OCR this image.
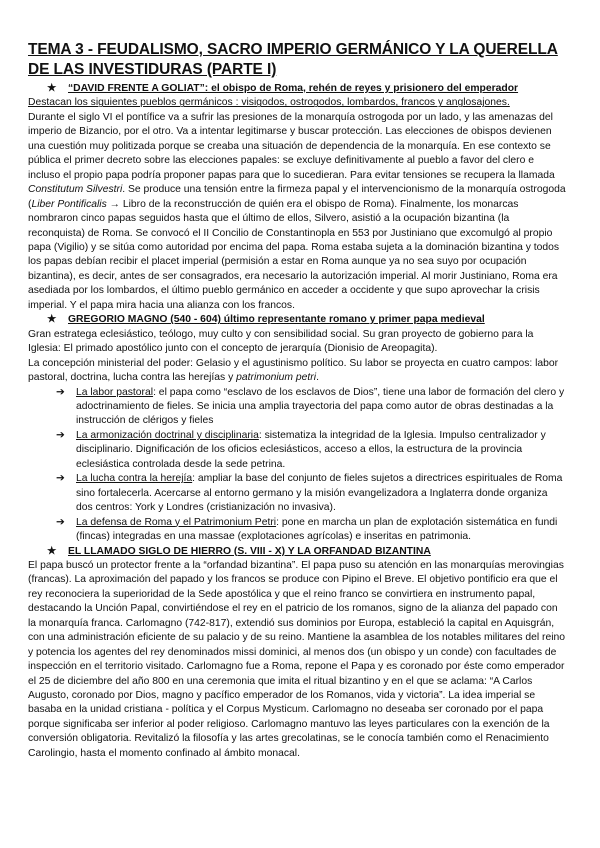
TEMA 3 - FEUDALISMO, SACRO IMPERIO GERMÁNICO Y LA QUERELLA DE LAS INVESTIDURAS (PARTE I)
★ “DAVID FRENTE A GOLIAT”: el obispo de Roma, rehén de reyes y prisionero del emperador

Destacan los siguientes pueblos germánicos : visigodos, ostrogodos, lombardos, francos y anglosajones.

Durante el siglo VI el pontífice va a sufrir las presiones de la monarquía ostrogoda por un lado, y las amenazas del imperio de Bizancio, por el otro. Va a intentar legitimarse y buscar protección. Las elecciones de obispos devienen una cuestión muy politizada porque se creaba una situación de dependencia de la monarquía. En ese contexto se pública el primer decreto sobre las elecciones papales: se excluye definitivamente al pueblo a favor del clero e incluso el propio papa podría proponer papas para que lo sucedieran. Para evitar tensiones se recupera la llamada Constitutum Silvestri. Se produce una tensión entre la firmeza papal y el intervencionismo de la monarquía ostrogoda (Liber Pontificalis → Libro de la reconstrucción de quién era el obispo de Roma). Finalmente, los monarcas nombraron cinco papas seguidos hasta que el último de ellos, Silvero, asistió a la ocupación bizantina (la reconquista) de Roma. Se convocó el II Concilio de Constantinopla en 553 por Justiniano que excomulgó al propio papa (Vigilio) y se sitúa como autoridad por encima del papa. Roma estaba sujeta a la dominación bizantina y todos los papas debían recibir el placet imperial (permisión a estar en Roma aunque ya no sea suyo por ocupación bizantina), es decir, antes de ser consagrados, era necesario la autorización imperial. Al morir Justiniano, Roma era asediada por los lombardos, el último pueblo germánico en acceder a occidente y que supo aprovechar la crisis imperial. Y el papa mira hacia una alianza con los francos.

★ GREGORIO MAGNO (540 - 604) último representante romano y primer papa medieval

Gran estratega eclesiástico, teólogo, muy culto y con sensibilidad social. Su gran proyecto de gobierno para la Iglesia: El primado apostólico junto con el concepto de jerarquía (Dionisio de Areopagita).

La concepción ministerial del poder: Gelasio y el agustinismo político. Su labor se proyecta en cuatro campos: labor pastoral, doctrina, lucha contra las herejías y patrimonium petri.

➔ La labor pastoral: el papa como “esclavo de los esclavos de Dios”, tiene una labor de formación del clero y adoctrinamiento de fieles. Se inicia una amplia trayectoria del papa como autor de obras destinadas a la instrucción de clérigos y fieles
➔ La armonización doctrinal y disciplinaria: sistematiza la integridad de la Iglesia. Impulso centralizador y disciplinario. Dignificación de los oficios eclesiásticos, acceso a ellos, la estructura de la provincia eclesiástica controlada desde la sede petrina.
➔ La lucha contra la herejía: ampliar la base del conjunto de fieles sujetos a directrices espirituales de Roma sino fortalecerla. Acercarse al entorno germano y la misión evangelizadora a Inglaterra donde organiza dos centros: York y Londres (cristianización no invasiva).
➔ La defensa de Roma y el Patrimonium Petri: pone en marcha un plan de explotación sistemática en fundi (fincas) integradas en una massae (explotaciones agrícolas) e inseritas en patrimonia.
★ EL LLAMADO SIGLO DE HIERRO (S. VIII - X) Y LA ORFANDAD BIZANTINA

El papa buscó un protector frente a la “orfandad bizantina”. El papa puso su atención en las monarquías merovingias (francas). La aproximación del papado y los francos se produce con Pipino el Breve. El objetivo pontificio era que el rey reconociera la superioridad de la Sede apostólica y que el reino franco se convirtiera en instrumento papal, destacando la Unción Papal, convirtiéndose el rey en el patricio de los romanos, signo de la alianza del papado con la monarquía franca. Carlomagno (742-817), extendió sus dominios por Europa, estableció la capital en Aquisgrán, con una administración eficiente de su palacio y de su reino. Mantiene la asamblea de los notables militares del reino y potencia los agentes del rey denominados missi dominici, al menos dos (un obispo y un conde) con facultades de inspección en el territorio visitado. Carlomagno fue a Roma, repone el Papa y es coronado por éste como emperador el 25 de diciembre del año 800 en una ceremonia que imita el ritual bizantino y en el que se aclama: “A Carlos Augusto, coronado por Dios, magno y pacífico emperador de los Romanos, vida y victoria”. La idea imperial se basaba en la unidad cristiana - política y el Corpus Mysticum. Carlomagno no deseaba ser coronado por el papa porque significaba ser inferior al poder religioso. Carlomagno mantuvo las leyes particulares con la exención de la conversión obligatoria. Revitalizó la filosofía y las artes grecolatinas, se le conocía también como el Renacimiento Carolingio, hasta el momento confinado al ámbito monacal.
